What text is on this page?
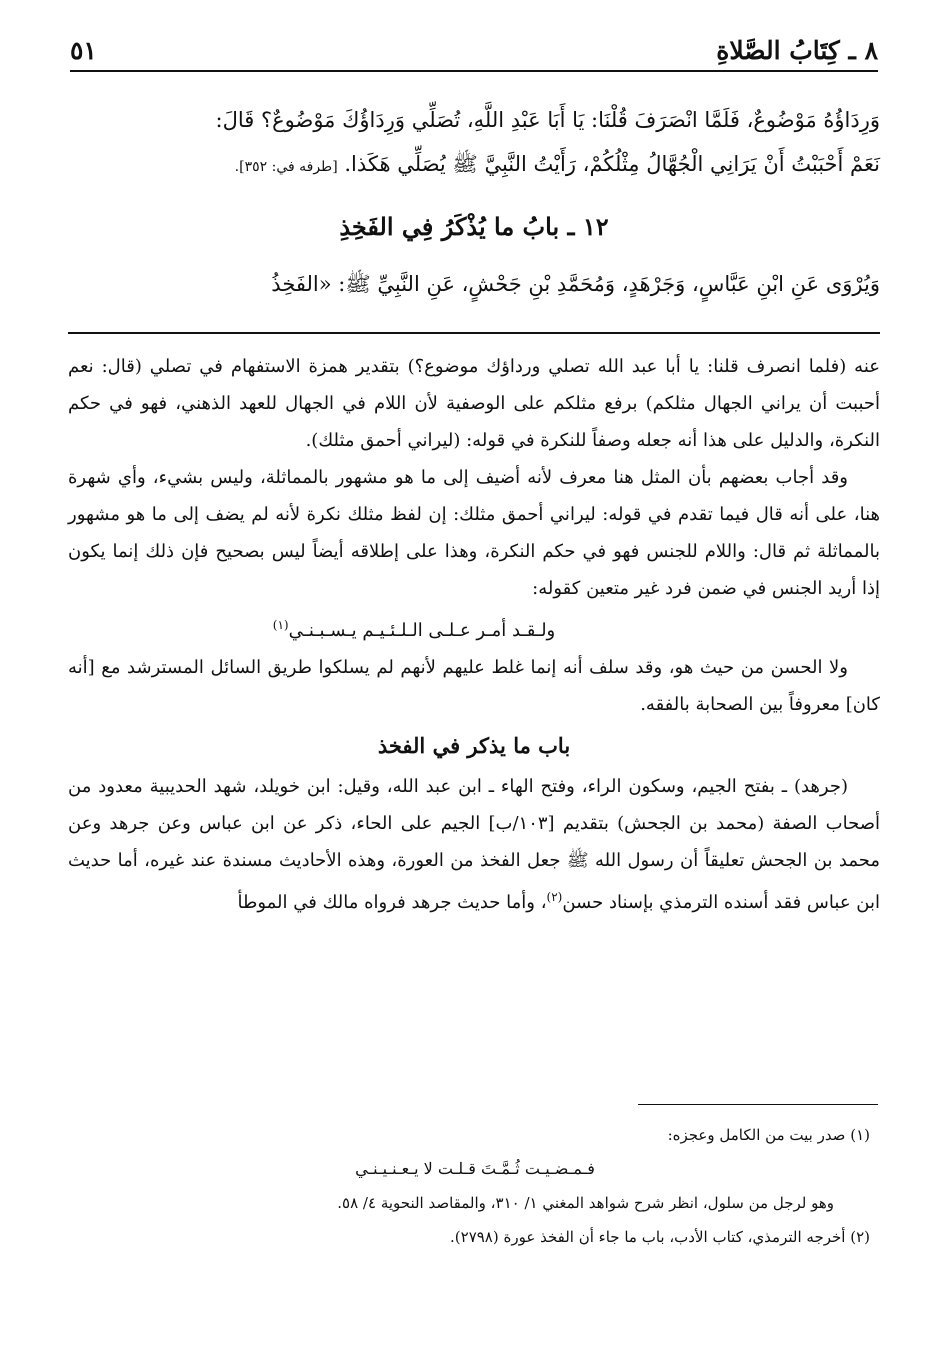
٨ ـ كِتَابُ الصَّلاةِ
٥١

وَرِدَاؤُهُ مَوْضُوعٌ، فَلَمَّا انْصَرَفَ قُلْنَا: يَا أَبَا عَبْدِ اللَّهِ، تُصَلِّي وَرِدَاؤُكَ مَوْضُوعٌ؟ قَالَ:

نَعَمْ أَحْبَبْتُ أَنْ يَرَانِي الْجُهَّالُ مِثْلُكُمْ، رَأَيْتُ النَّبِيَّ ﷺ يُصَلِّي هَكَذا. [طرفه في: ٣٥٢].

١٢ ـ بابُ ما يُذْكَرُ فِي الفَخِذِ
وَيُرْوَى عَنِ ابْنِ عَبَّاسٍ، وَجَرْهَدٍ، وَمُحَمَّدِ بْنِ جَحْشٍ، عَنِ النَّبِيِّ ﷺ: «الفَخِذُ

عنه (فلما انصرف قلنا: يا أبا عبد الله تصلي ورداؤك موضوع؟) بتقدير همزة الاستفهام في تصلي (قال: نعم أحببت أن يراني الجهال مثلكم) برفع مثلكم على الوصفية لأن اللام في الجهال للعهد الذهني، فهو في حكم النكرة، والدليل على هذا أنه جعله وصفاً للنكرة في قوله: (ليراني أحمق مثلك).

وقد أجاب بعضهم بأن المثل هنا معرف لأنه أضيف إلى ما هو مشهور بالمماثلة، وليس بشيء، وأي شهرة هنا، على أنه قال فيما تقدم في قوله: ليراني أحمق مثلك: إن لفظ مثلك نكرة لأنه لم يضف إلى ما هو مشهور بالمماثلة ثم قال: واللام للجنس فهو في حكم النكرة، وهذا على إطلاقه أيضاً ليس بصحيح فإن ذلك إنما يكون إذا أريد الجنس في ضمن فرد غير متعين كقوله:

ولـقـد أمـر عـلـى الـلـئـيـم يـسـبـنـي$^{(١)}$

ولا الحسن من حيث هو، وقد سلف أنه إنما غلط عليهم لأنهم لم يسلكوا طريق السائل المسترشد مع [أنه كان] معروفاً بين الصحابة بالفقه.

باب ما يذكر في الفخذ

(جرهد) ـ بفتح الجيم، وسكون الراء، وفتح الهاء ـ ابن عبد الله، وقيل: ابن خويلد، شهد الحديبية معدود من أصحاب الصفة (محمد بن الجحش) بتقديم [١٠٣/ب] الجيم على الحاء، ذكر عن ابن عباس وعن جرهد وعن محمد بن الجحش تعليقاً أن رسول الله ﷺ جعل الفخذ من العورة، وهذه الأحاديث مسندة عند غيره، أما حديث ابن عباس فقد أسنده الترمذي بإسناد حسن$^{(٢)}$، وأما حديث جرهد فرواه مالك في الموطأ

(١) صدر بيت من الكامل وعجزه:

فـمـضـيـت ثُـمَّـتَ قـلـت لا يـعـنـيـنـي

وهو لرجل من سلول، انظر شرح شواهد المغني ١/ ٣١٠، والمقاصد النحوية ٤/ ٥٨.

(٢) أخرجه الترمذي، كتاب الأدب، باب ما جاء أن الفخذ عورة (٢٧٩٨).
